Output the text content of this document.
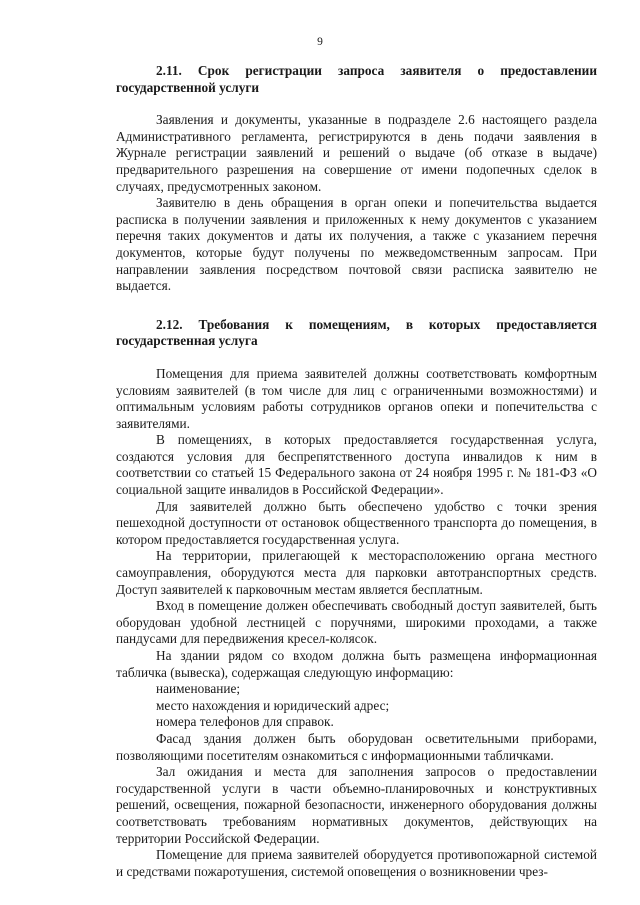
9
2.11. Срок регистрации запроса заявителя о предоставлении государственной услуги

Заявления и документы, указанные в подразделе 2.6 настоящего раздела Административного регламента, регистрируются в день подачи заявления в Журнале регистрации заявлений и решений о выдаче (об отказе в выдаче) предварительного разрешения на совершение от имени подопечных сделок в случаях, предусмотренных законом.

Заявителю в день обращения в орган опеки и попечительства выдается расписка в получении заявления и приложенных к нему документов с указанием перечня таких документов и даты их получения, а также с указанием перечня документов, которые будут получены по межведомственным запросам. При направлении заявления посредством почтовой связи расписка заявителю не выдается.

2.12. Требования к помещениям, в которых предоставляется государственная услуга

Помещения для приема заявителей должны соответствовать комфортным условиям заявителей (в том числе для лиц с ограниченными возможностями) и оптимальным условиям работы сотрудников органов опеки и попечительства с заявителями.

В помещениях, в которых предоставляется государственная услуга, создаются условия для беспрепятственного доступа инвалидов к ним в соответствии со статьей 15 Федерального закона от 24 ноября 1995 г. № 181-ФЗ «О социальной защите инвалидов в Российской Федерации».

Для заявителей должно быть обеспечено удобство с точки зрения пешеходной доступности от остановок общественного транспорта до помещения, в котором предоставляется государственная услуга.

На территории, прилегающей к месторасположению органа местного самоуправления, оборудуются места для парковки автотранспортных средств. Доступ заявителей к парковочным местам является бесплатным.

Вход в помещение должен обеспечивать свободный доступ заявителей, быть оборудован удобной лестницей с поручнями, широкими проходами, а также пандусами для передвижения кресел-колясок.

На здании рядом со входом должна быть размещена информационная табличка (вывеска), содержащая следующую информацию:

наименование;

место нахождения и юридический адрес;

номера телефонов для справок.

Фасад здания должен быть оборудован осветительными приборами, позволяющими посетителям ознакомиться с информационными табличками.

Зал ожидания и места для заполнения запросов о предоставлении государственной услуги в части объемно-планировочных и конструктивных решений, освещения, пожарной безопасности, инженерного оборудования должны соответствовать требованиям нормативных документов, действующих на территории Российской Федерации.

Помещение для приема заявителей оборудуется противопожарной системой и средствами пожаротушения, системой оповещения о возникновении чрез-
